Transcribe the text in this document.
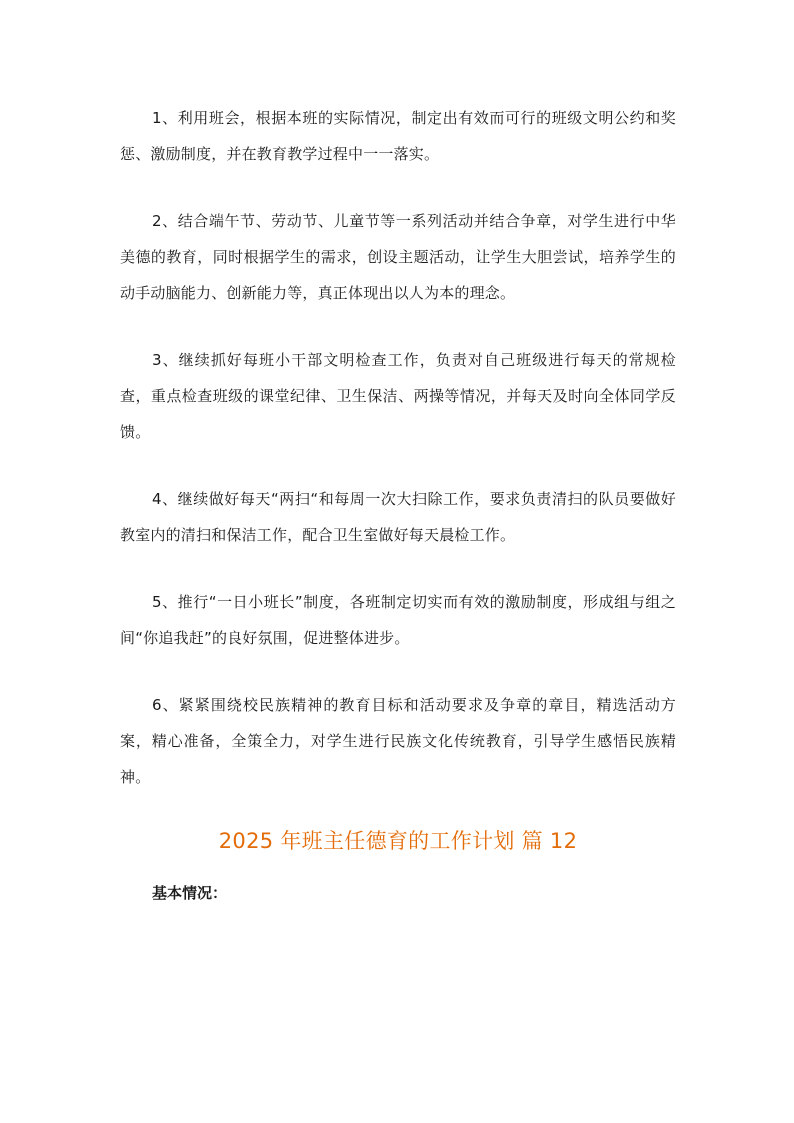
1、利用班会，根据本班的实际情况，制定出有效而可行的班级文明公约和奖惩、激励制度，并在教育教学过程中一一落实。

2、结合端午节、劳动节、儿童节等一系列活动并结合争章，对学生进行中华美德的教育，同时根据学生的需求，创设主题活动，让学生大胆尝试，培养学生的动手动脑能力、创新能力等，真正体现出以人为本的理念。

3、继续抓好每班小干部文明检查工作，负责对自己班级进行每天的常规检查，重点检查班级的课堂纪律、卫生保洁、两操等情况，并每天及时向全体同学反馈。

4、继续做好每天“两扫“和每周一次大扫除工作，要求负责清扫的队员要做好教室内的清扫和保洁工作，配合卫生室做好每天晨检工作。

5、推行“一日小班长”制度，各班制定切实而有效的激励制度，形成组与组之间“你追我赶”的良好氛围，促进整体进步。

6、紧紧围绕校民族精神的教育目标和活动要求及争章的章目，精选活动方案，精心准备，全策全力，对学生进行民族文化传统教育，引导学生感悟民族精神。

2025 年班主任德育的工作计划 篇 12

基本情况：
